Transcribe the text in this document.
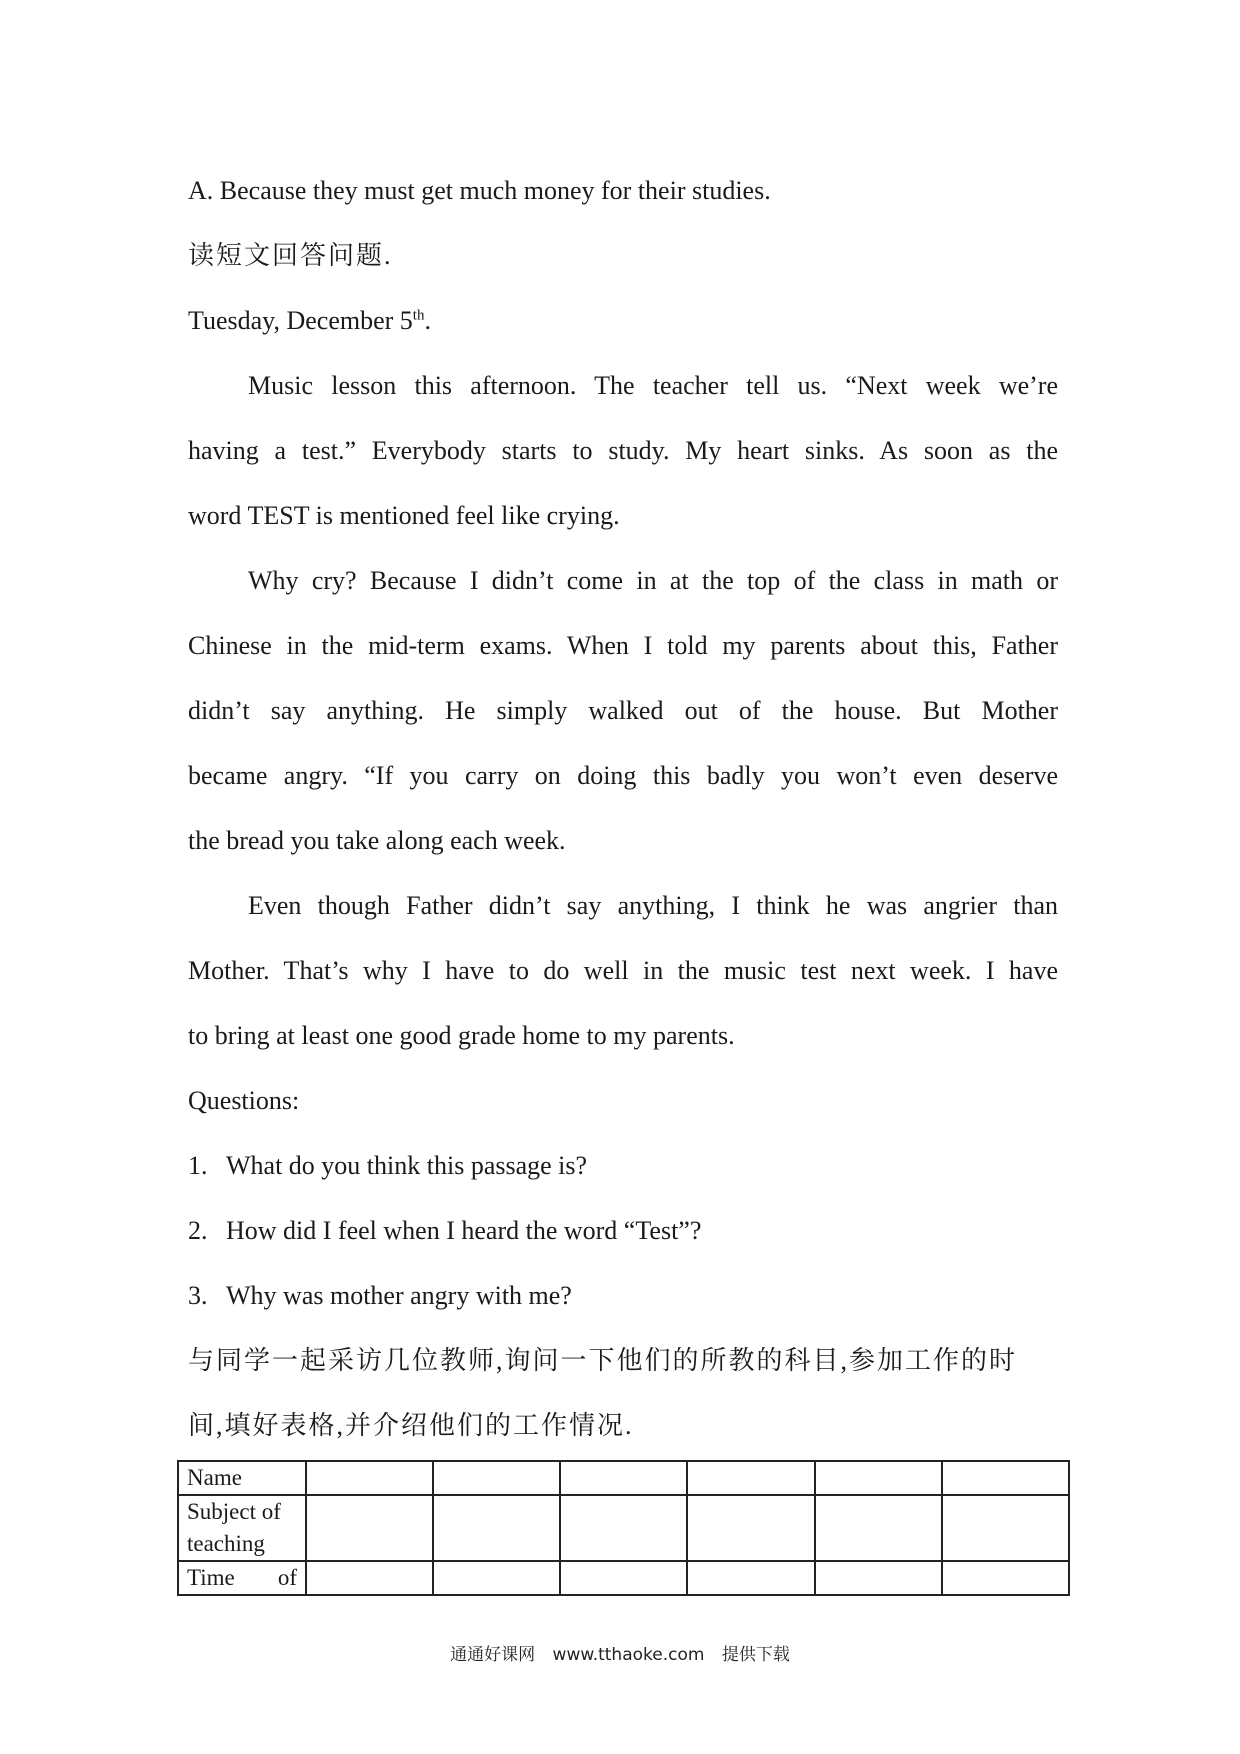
A. Because they must get much money for their studies.

读短文回答问题.

Tuesday, December 5th.

Music lesson this afternoon. The teacher tell us. “Next week we’re

having a test.” Everybody starts to study. My heart sinks. As soon as the

word TEST is mentioned feel like crying.

Why cry? Because I didn’t come in at the top of the class in math or

Chinese in the mid-term exams. When I told my parents about this, Father

didn’t say anything. He simply walked out of the house. But Mother

became angry. “If you carry on doing this badly you won’t even deserve

the bread you take along each week.

Even though Father didn’t say anything, I think he was angrier than

Mother. That’s why I have to do well in the music test next week. I have

to bring at least one good grade home to my parents.

Questions:

1. What do you think this passage is?

2. How did I feel when I heard the word “Test”?

3. Why was mother angry with me?

与同学一起采访几位教师,询问一下他们的所教的科目,参加工作的时

间,填好表格,并介绍他们的工作情况.

Name						

Subject of
teaching						

Time of						

通通好课网 www.tthaoke.com 提供下载
